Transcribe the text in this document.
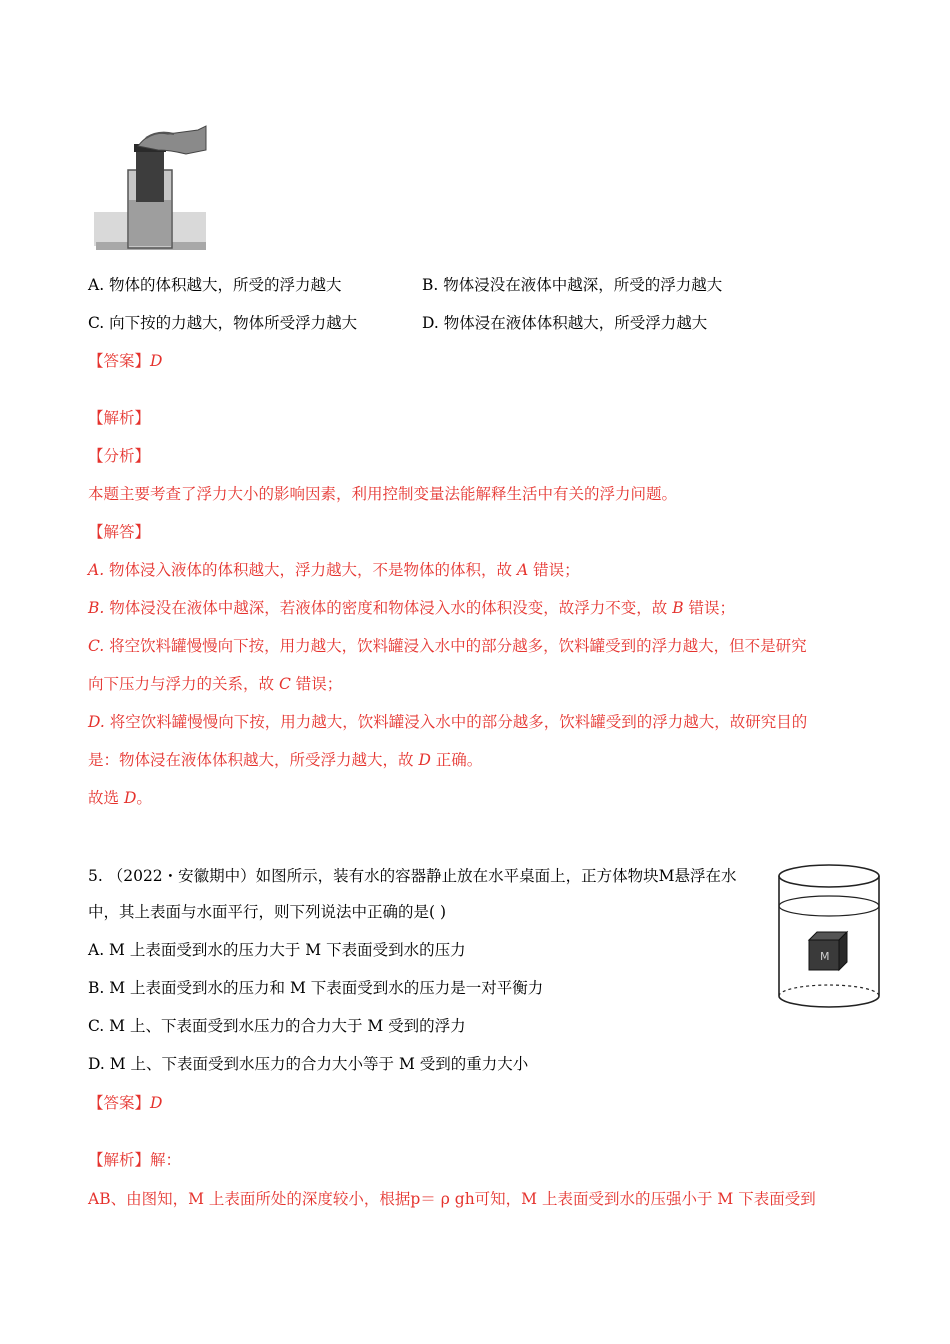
A. 物体的体积越大，所受的浮力越大	B. 物体浸没在液体中越深，所受的浮力越大
C. 向下按的力越大，物体所受浮力越大	D. 物体浸在液体体积越大，所受浮力越大
【答案】D
【解析】
【分析】
本题主要考查了浮力大小的影响因素，利用控制变量法能解释生活中有关的浮力问题。
【解答】
A. 物体浸入液体的体积越大，浮力越大，不是物体的体积，故 A 错误；
B. 物体浸没在液体中越深，若液体的密度和物体浸入水的体积没变，故浮力不变，故 B 错误；
C. 将空饮料罐慢慢向下按，用力越大，饮料罐浸入水中的部分越多，饮料罐受到的浮力越大，但不是研究
向下压力与浮力的关系，故 C 错误；
D. 将空饮料罐慢慢向下按，用力越大，饮料罐浸入水中的部分越多，饮料罐受到的浮力越大，故研究目的
是：物体浸在液体体积越大，所受浮力越大，故 D 正确。
故选 D。
5. （2022・安徽期中）如图所示，装有水的容器静止放在水平桌面上，正方体物块M悬浮在水
中，其上表面与水面平行，则下列说法中正确的是( )
M
A. M 上表面受到水的压力大于 M 下表面受到水的压力
B. M 上表面受到水的压力和 M 下表面受到水的压力是一对平衡力
C. M 上、下表面受到水压力的合力大于 M 受到的浮力
D. M 上、下表面受到水压力的合力大小等于 M 受到的重力大小
【答案】D
【解析】解：
AB、由图知，M 上表面所处的深度较小，根据p＝ ρ gh可知，M 上表面受到水的压强小于 M 下表面受到
